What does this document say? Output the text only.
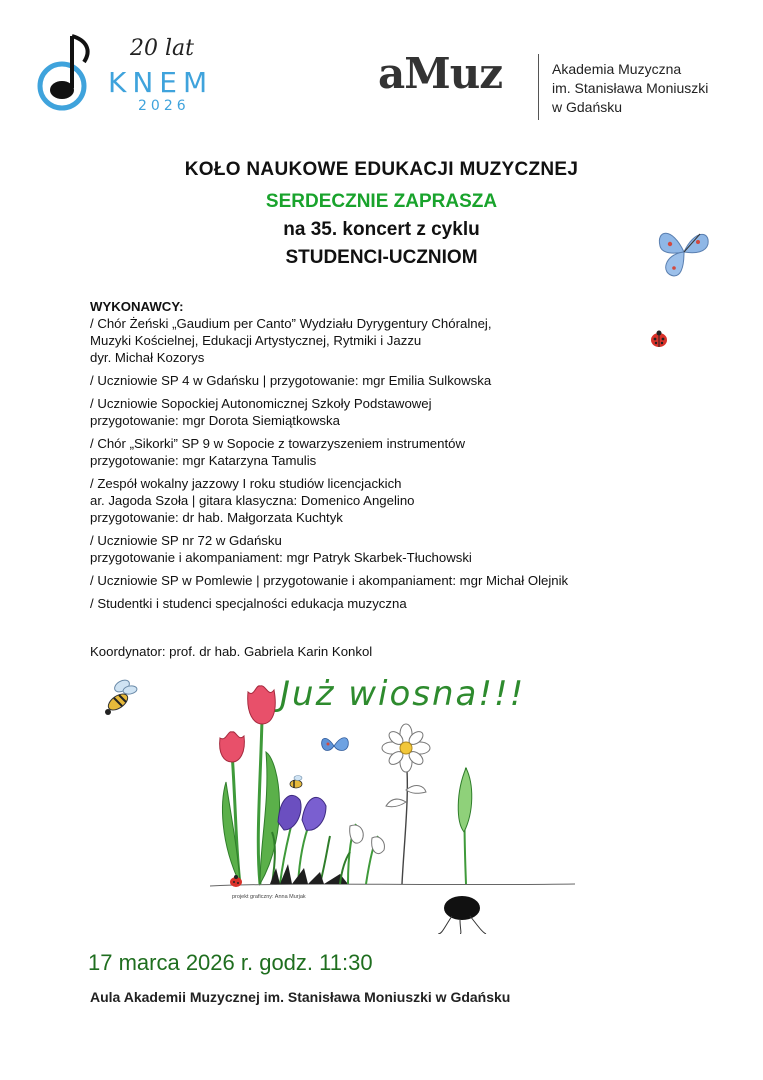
20 lat
KNEM
2026
aMuz	Akademia Muzyczna
im. Stanisława Moniuszki
w Gdańsku
KOŁO NAUKOWE EDUKACJI MUZYCZNEJ
SERDECZNIE ZAPRASZA
na 35. koncert z cyklu
STUDENCI-UCZNIOM
WYKONAWCY:
/ Chór Żeński „Gaudium per Canto” Wydziału Dyrygentury Chóralnej,
Muzyki Kościelnej, Edukacji Artystycznej, Rytmiki i Jazzu
dyr. Michał Kozorys
/ Uczniowie SP 4 w Gdańsku | przygotowanie: mgr Emilia Sulkowska
/ Uczniowie Sopockiej Autonomicznej Szkoły Podstawowej
przygotowanie: mgr Dorota Siemiątkowska
/ Chór „Sikorki” SP 9 w Sopocie z towarzyszeniem instrumentów
przygotowanie: mgr Katarzyna Tamulis
/ Zespół wokalny jazzowy I roku studiów licencjackich
ar. Jagoda Szoła | gitara klasyczna: Domenico Angelino
przygotowanie: dr hab. Małgorzata Kuchtyk
/ Uczniowie SP nr 72 w Gdańsku
przygotowanie i akompaniament: mgr Patryk Skarbek-Tłuchowski
/ Uczniowie SP w Pomlewie | przygotowanie i akompaniament: mgr Michał Olejnik
/ Studentki i studenci specjalności edukacja muzyczna
Koordynator: prof. dr hab. Gabriela Karin Konkol
Już wiosna!!!
projekt graficzny: Anna Murjak
17 marca 2026 r. godz. 11:30
Aula Akademii Muzycznej im. Stanisława Moniuszki w Gdańsku
